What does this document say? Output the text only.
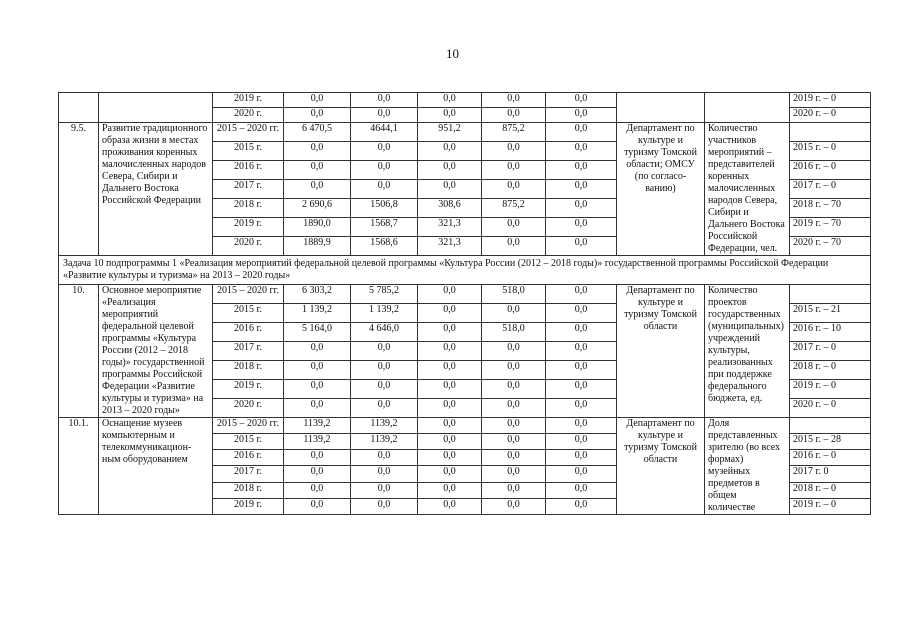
10
		2019 г.	0,0	0,0	0,0	0,0	0,0			2019 г. – 0
		2020 г.	0,0	0,0	0,0	0,0	0,0			2020 г. – 0
9.5.	Развитие традиционного образа жизни в местах проживания коренных малочисленных народов Севера, Сибири и Дальнего Востока Российской Федерации	2015 – 2020 гг.	6 470,5	4644,1	951,2	875,2	0,0	Департамент по культуре и туризму Томской области; ОМСУ (по согласо-ванию)	Количество участников мероприятий – представителей коренных малочисленных народов Севера, Сибири и Дальнего Востока Российской Федерации, чел.	
		2015 г.	0,0	0,0	0,0	0,0	0,0			2015 г. – 0
		2016 г.	0,0	0,0	0,0	0,0	0,0			2016 г. – 0
		2017 г.	0,0	0,0	0,0	0,0	0,0			2017 г. – 0
		2018 г.	2 690,6	1506,8	308,6	875,2	0,0			2018 г. – 70
		2019 г.	1890,0	1568,7	321,3	0,0	0,0			2019 г. – 70
		2020 г.	1889,9	1568,6	321,3	0,0	0,0			2020 г. – 70
Задача 10 подпрограммы 1 «Реализация мероприятий федеральной целевой программы «Культура России (2012 – 2018 годы)» государственной программы Российской Федерации «Развитие культуры и туризма» на 2013 – 2020 годы»										
10.	Основное мероприятие «Реализация мероприятий федеральной целевой программы «Культура России (2012 – 2018 годы)» государственной программы Российской Федерации «Развитие культуры и туризма» на 2013 – 2020 годы»	2015 – 2020 гг.	6 303,2	5 785,2	0,0	518,0	0,0	Департамент по культуре и туризму Томской области	Количество проектов государственных (муниципальных) учреждений культуры, реализованных при поддержке федерального бюджета, ед.	
		2015 г.	1 139,2	1 139,2	0,0	0,0	0,0			2015 г. – 21
		2016 г.	5 164,0	4 646,0	0,0	518,0	0,0			2016 г. – 10
		2017 г.	0,0	0,0	0,0	0,0	0,0			2017 г. – 0
		2018 г.	0,0	0,0	0,0	0,0	0,0			2018 г. – 0
		2019 г.	0,0	0,0	0,0	0,0	0,0			2019 г. – 0
		2020 г.	0,0	0,0	0,0	0,0	0,0			2020 г. – 0
10.1.	Оснащение музеев компьютерным и телекоммуникацион-ным оборудованием	2015 – 2020 гг.	1139,2	1139,2	0,0	0,0	0,0	Департамент по культуре и туризму Томской области	Доля представленных зрителю (во всех формах) музейных предметов в общем количестве	
		2015 г.	1139,2	1139,2	0,0	0,0	0,0			2015 г. – 28
		2016 г.	0,0	0,0	0,0	0,0	0,0			2016 г. – 0
		2017 г.	0,0	0,0	0,0	0,0	0,0			2017 г. 0
		2018 г.	0,0	0,0	0,0	0,0	0,0			2018 г. – 0
		2019 г.	0,0	0,0	0,0	0,0	0,0			2019 г. – 0
